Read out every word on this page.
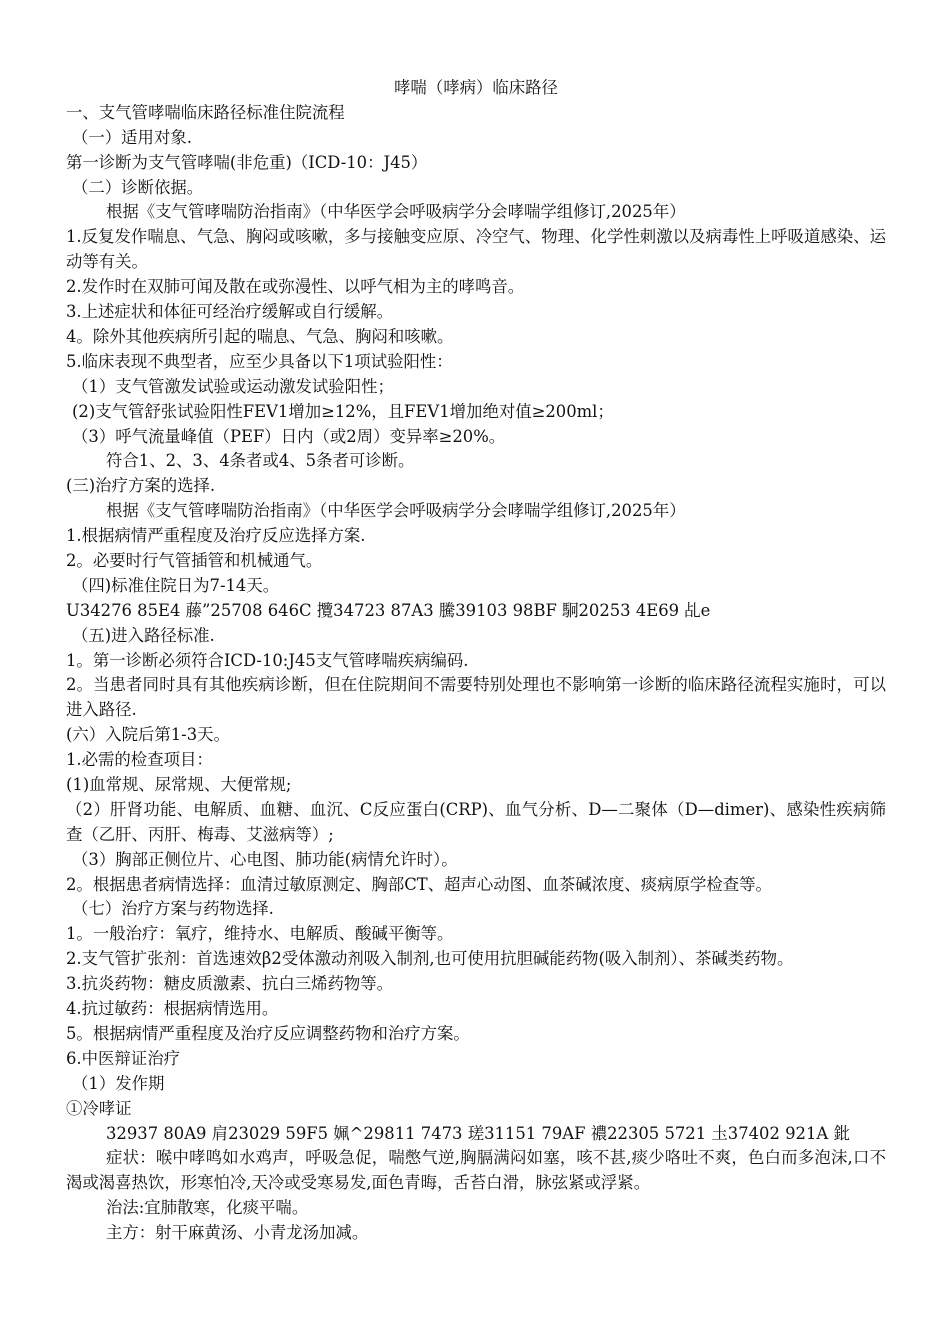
哮喘（哮病）临床路径
一、支气管哮喘临床路径标准住院流程
（一）适用对象.
第一诊断为支气管哮喘(非危重)（ICD-10：J45）
（二）诊断依据。
根据《支气管哮喘防治指南》（中华医学会呼吸病学分会哮喘学组修订,2025年）
1.反复发作喘息、气急、胸闷或咳嗽，多与接触变应原、冷空气、物理、化学性刺激以及病毒性上呼吸道感染、运动等有关。
2.发作时在双肺可闻及散在或弥漫性、以呼气相为主的哮鸣音。
3.上述症状和体征可经治疗缓解或自行缓解。
4。除外其他疾病所引起的喘息、气急、胸闷和咳嗽。
5.临床表现不典型者，应至少具备以下1项试验阳性：
（1）支气管激发试验或运动激发试验阳性；
(2)支气管舒张试验阳性FEV1增加≥12%，且FEV1增加绝对值≥200ml；
（3）呼气流量峰值（PEF）日内（或2周）变异率≥20%。
符合1、2、3、4条者或4、5条者可诊断。
(三)治疗方案的选择.
根据《支气管哮喘防治指南》（中华医学会呼吸病学分会哮喘学组修订,2025年）
1.根据病情严重程度及治疗反应选择方案.
2。必要时行气管插管和机械通气。
（四)标准住院日为7-14天。
U34276 85E4 藤”25708 646C 攬34723 87A3 騰39103 98BF 駉20253 4E69 乩e
（五)进入路径标准.
1。第一诊断必须符合ICD-10:J45支气管哮喘疾病编码.
2。当患者同时具有其他疾病诊断，但在住院期间不需要特别处理也不影响第一诊断的临床路径流程实施时，可以进入路径.
(六）入院后第1-3天。
1.必需的检查项目：
(1)血常规、尿常规、大便常规;
（2）肝肾功能、电解质、血糖、血沉、C反应蛋白(CRP)、血气分析、D—二聚体（D—dimer)、感染性疾病筛查（乙肝、丙肝、梅毒、艾滋病等）;
（3）胸部正侧位片、心电图、肺功能(病情允许时）。
2。根据患者病情选择：血清过敏原测定、胸部CT、超声心动图、血茶碱浓度、痰病原学检查等。
（七）治疗方案与药物选择.
1。一般治疗：氧疗，维持水、电解质、酸碱平衡等。
2.支气管扩张剂：首选速效β2受体激动剂吸入制剂,也可使用抗胆碱能药物(吸入制剂）、茶碱类药物。
3.抗炎药物：糖皮质激素、抗白三烯药物等。
4.抗过敏药：根据病情选用。
5。根据病情严重程度及治疗反应调整药物和治疗方案。
6.中医辩证治疗
（1）发作期
①冷哮证
32937 80A9 肩23029 59F5 姵^29811 7473 瑳31151 79AF 禯22305 5721 圡37402 921A 鈚
症状：喉中哮鸣如水鸡声，呼吸急促，喘憋气逆,胸膈满闷如塞，咳不甚,痰少咯吐不爽，色白而多泡沫,口不渴或渴喜热饮，形寒怕冷,天冷或受寒易发,面色青晦，舌苔白滑，脉弦紧或浮紧。
治法:宜肺散寒，化痰平喘。
主方：射干麻黄汤、小青龙汤加减。
